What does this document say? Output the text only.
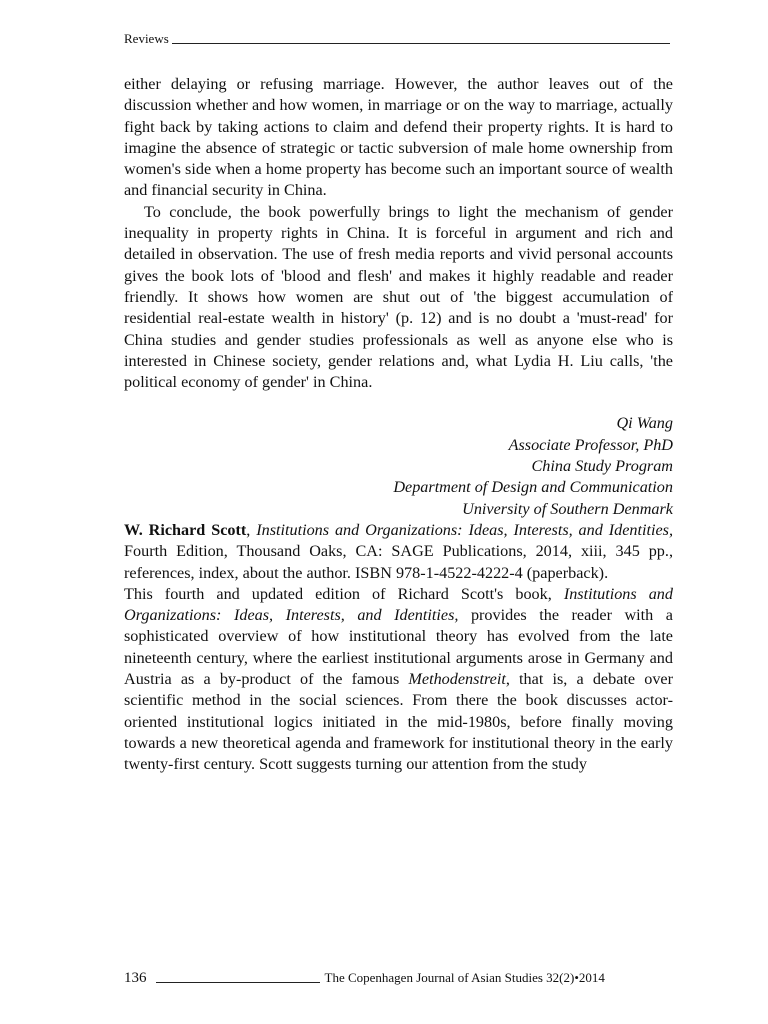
Reviews

either delaying or refusing marriage. However, the author leaves out of the discussion whether and how women, in marriage or on the way to marriage, actually fight back by taking actions to claim and defend their property rights. It is hard to imagine the absence of strategic or tactic subversion of male home ownership from women's side when a home property has become such an important source of wealth and financial security in China.

To conclude, the book powerfully brings to light the mechanism of gender inequality in property rights in China. It is forceful in argument and rich and detailed in observation. The use of fresh media reports and vivid personal accounts gives the book lots of 'blood and flesh' and makes it highly readable and reader friendly. It shows how women are shut out of 'the biggest accumulation of residential real-estate wealth in history' (p. 12) and is no doubt a 'must-read' for China studies and gender studies professionals as well as anyone else who is interested in Chinese society, gender relations and, what Lydia H. Liu calls, 'the political economy of gender' in China.

Qi Wang
Associate Professor, PhD
China Study Program
Department of Design and Communication
University of Southern Denmark

W. Richard Scott, Institutions and Organizations: Ideas, Interests, and Identities, Fourth Edition, Thousand Oaks, CA: SAGE Publications, 2014, xiii, 345 pp., references, index, about the author. ISBN 978-1-4522-4222-4 (paperback).

This fourth and updated edition of Richard Scott's book, Institutions and Organizations: Ideas, Interests, and Identities, provides the reader with a sophisticated overview of how institutional theory has evolved from the late nineteenth century, where the earliest institutional arguments arose in Germany and Austria as a by-product of the famous Methodenstreit, that is, a debate over scientific method in the social sciences. From there the book discusses actor-oriented institutional logics initiated in the mid-1980s, before finally moving towards a new theoretical agenda and framework for institutional theory in the early twenty-first century. Scott suggests turning our attention from the study

136	The Copenhagen Journal of Asian Studies 32(2)•2014
